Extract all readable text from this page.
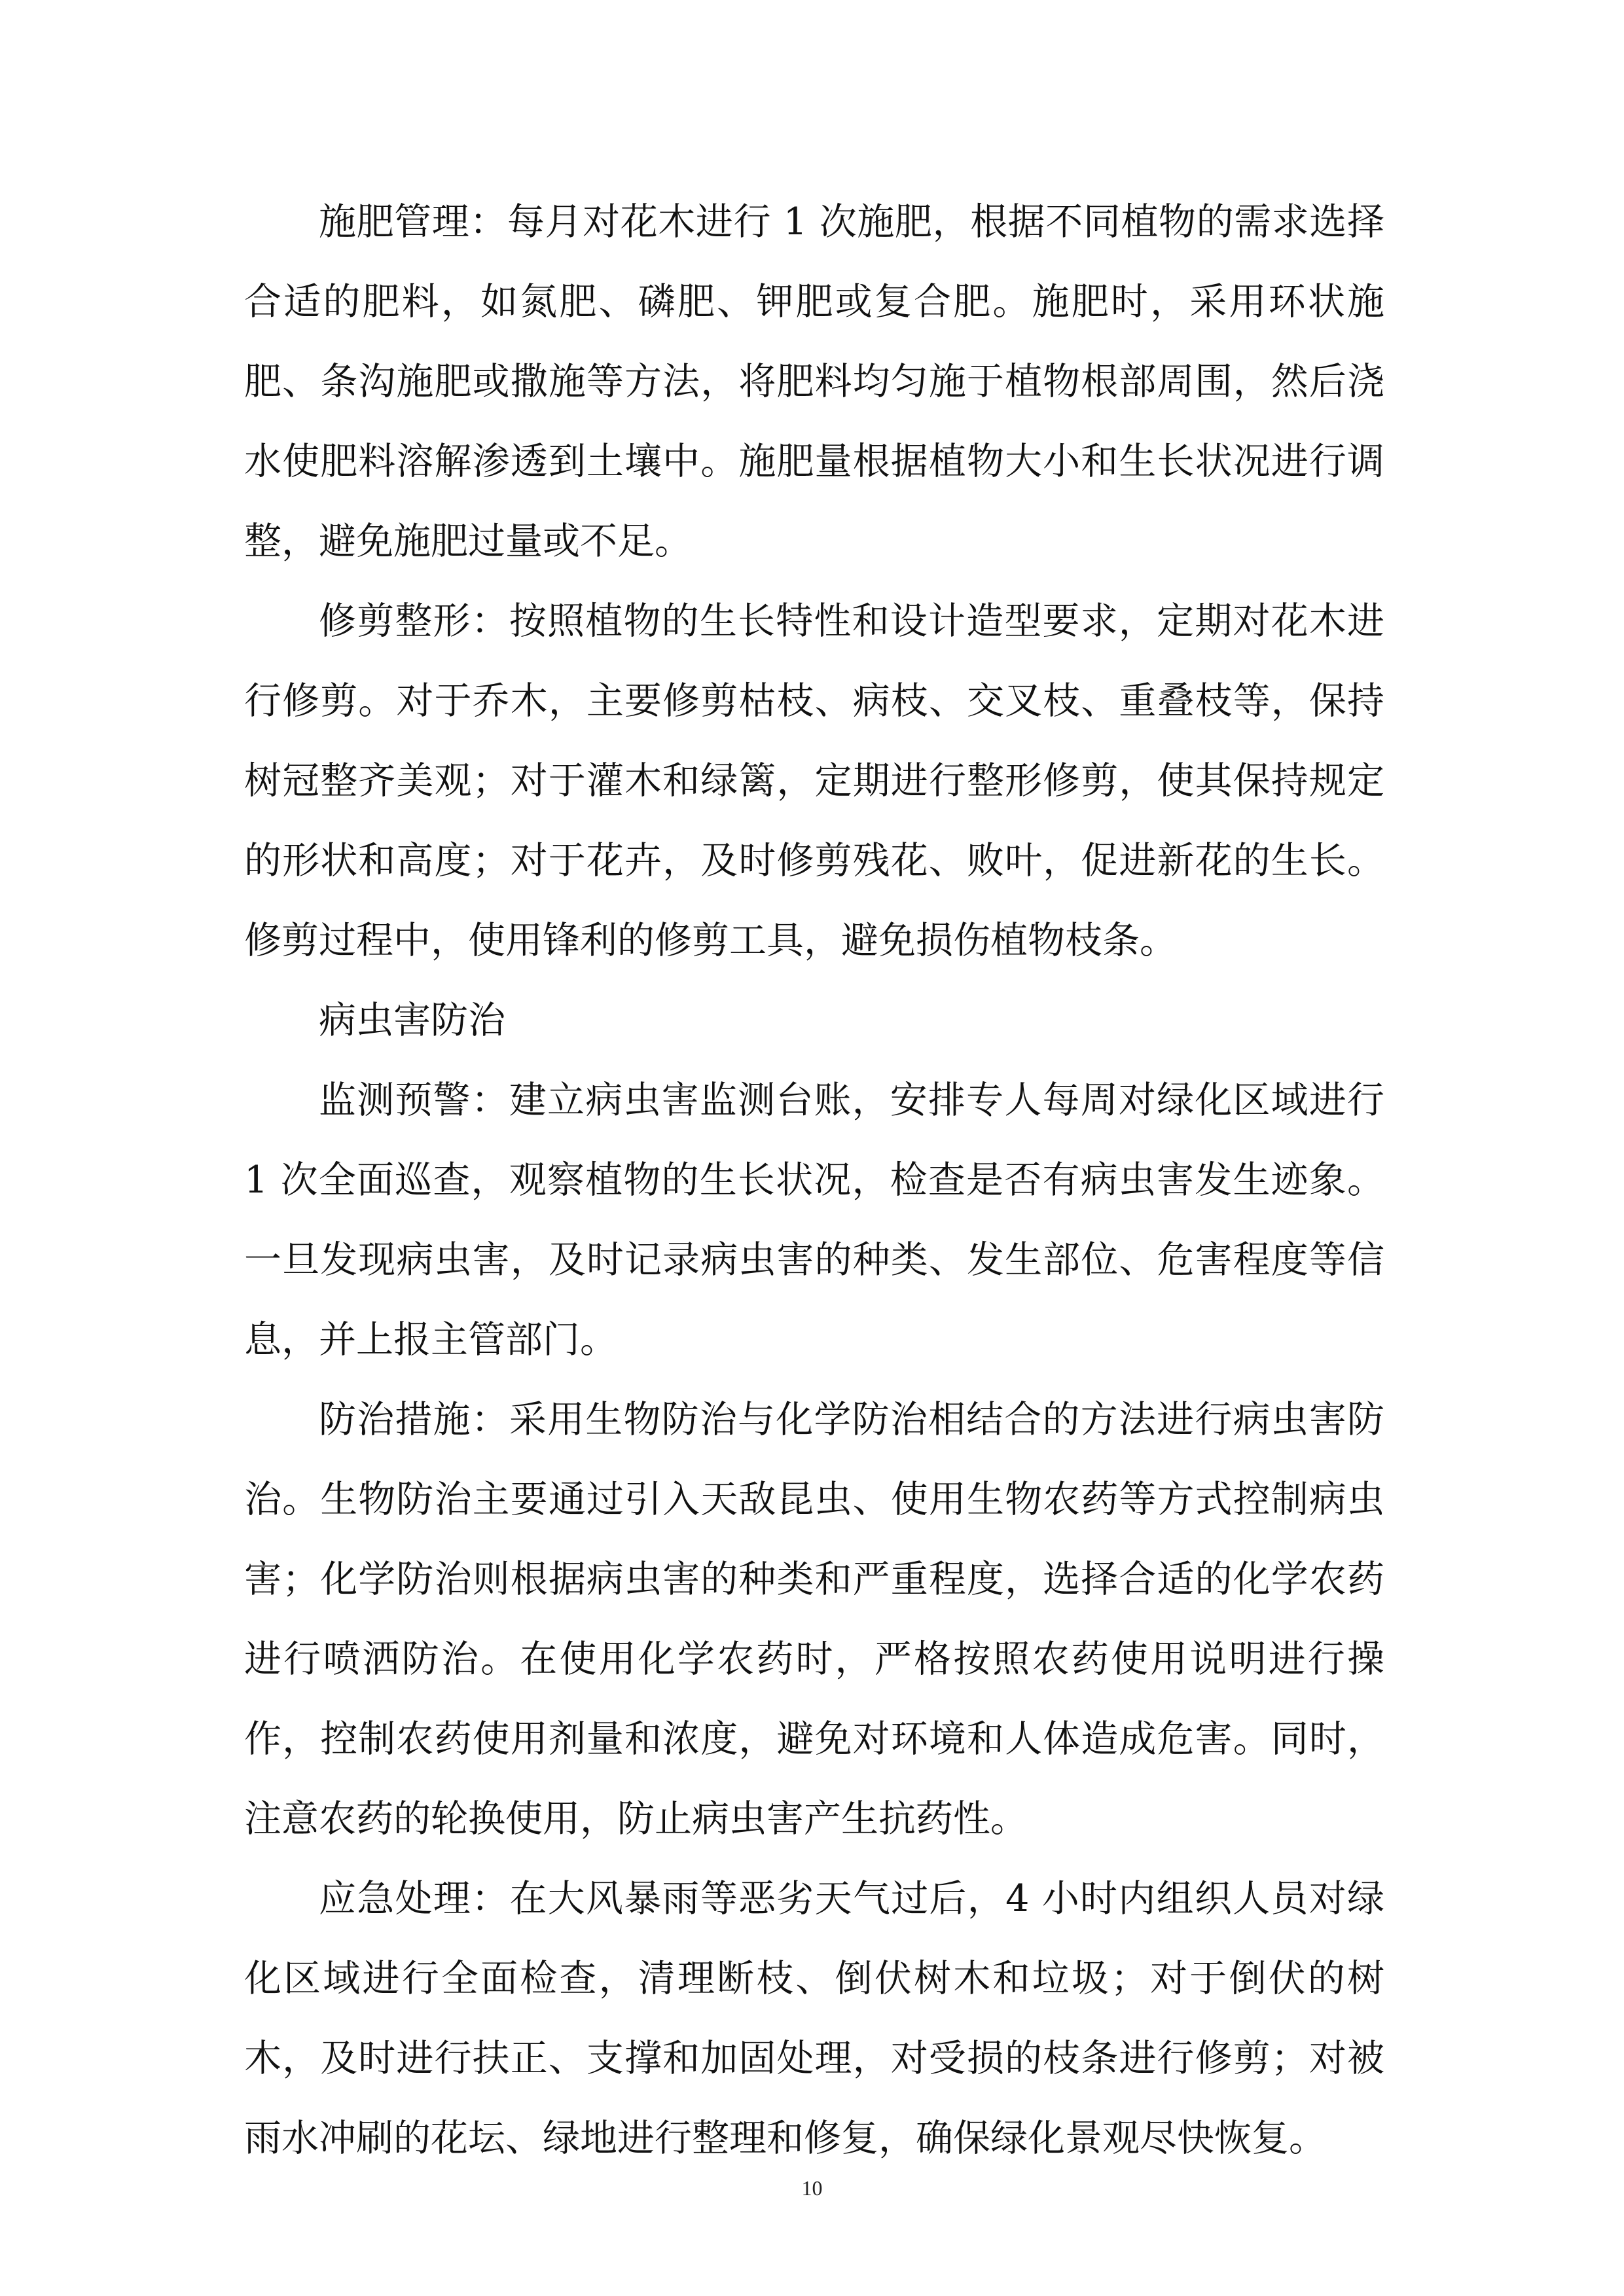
施肥管理：每月对花木进行 1 次施肥，根据不同植物的需求选择合适的肥料，如氮肥、磷肥、钾肥或复合肥。施肥时，采用环状施肥、条沟施肥或撒施等方法，将肥料均匀施于植物根部周围，然后浇水使肥料溶解渗透到土壤中。施肥量根据植物大小和生长状况进行调整，避免施肥过量或不足。

修剪整形：按照植物的生长特性和设计造型要求，定期对花木进行修剪。对于乔木，主要修剪枯枝、病枝、交叉枝、重叠枝等，保持树冠整齐美观；对于灌木和绿篱，定期进行整形修剪，使其保持规定的形状和高度；对于花卉，及时修剪残花、败叶，促进新花的生长。修剪过程中，使用锋利的修剪工具，避免损伤植物枝条。

病虫害防治

监测预警：建立病虫害监测台账，安排专人每周对绿化区域进行 1 次全面巡查，观察植物的生长状况，检查是否有病虫害发生迹象。一旦发现病虫害，及时记录病虫害的种类、发生部位、危害程度等信息，并上报主管部门。

防治措施：采用生物防治与化学防治相结合的方法进行病虫害防治。生物防治主要通过引入天敌昆虫、使用生物农药等方式控制病虫害；化学防治则根据病虫害的种类和严重程度，选择合适的化学农药进行喷洒防治。在使用化学农药时，严格按照农药使用说明进行操作，控制农药使用剂量和浓度，避免对环境和人体造成危害。同时，注意农药的轮换使用，防止病虫害产生抗药性。

应急处理：在大风暴雨等恶劣天气过后，4 小时内组织人员对绿化区域进行全面检查，清理断枝、倒伏树木和垃圾；对于倒伏的树木，及时进行扶正、支撑和加固处理，对受损的枝条进行修剪；对被雨水冲刷的花坛、绿地进行整理和修复，确保绿化景观尽快恢复。

10
